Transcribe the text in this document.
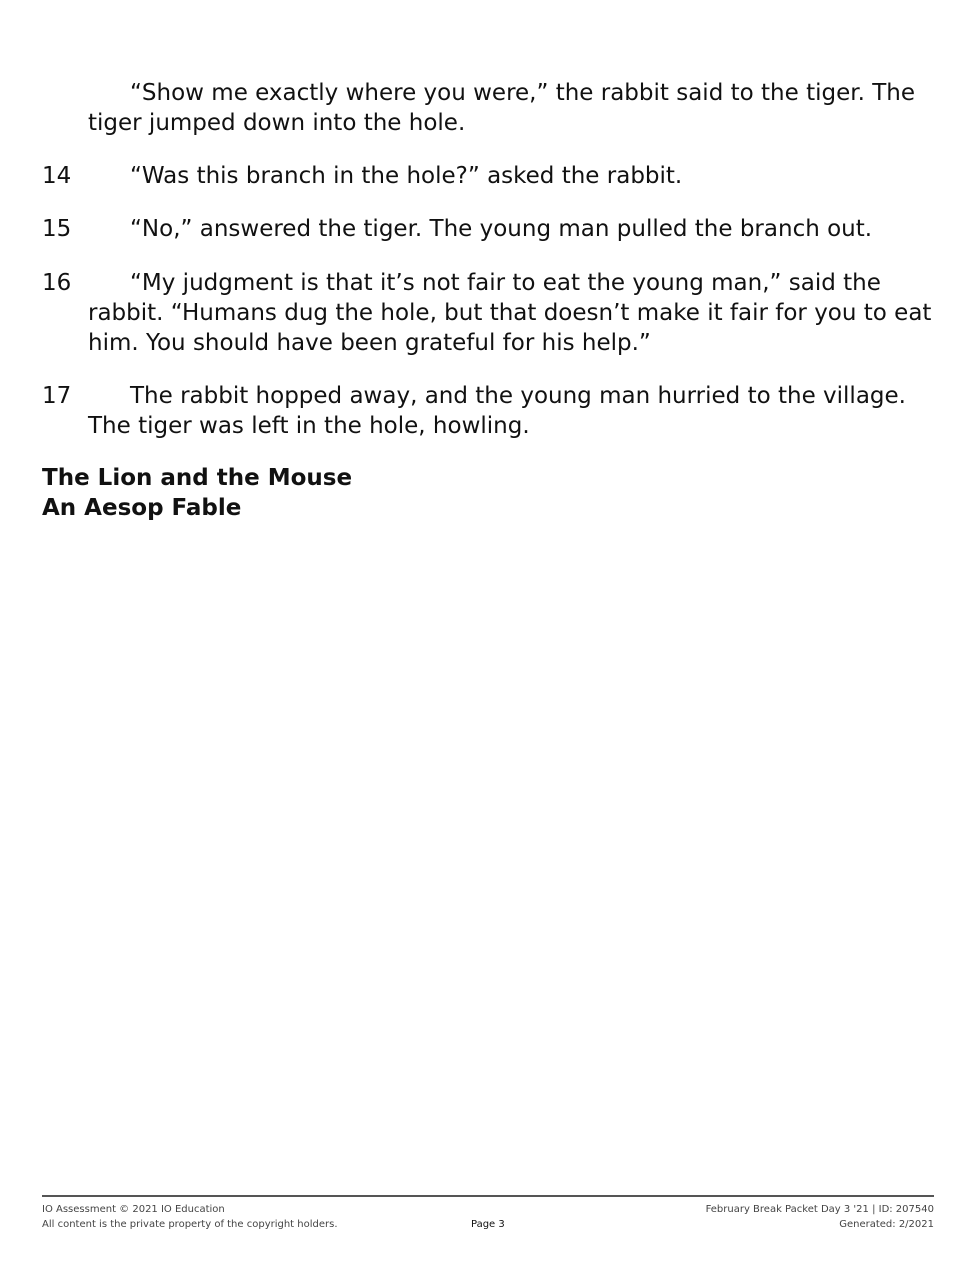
“Show me exactly where you were,” the rabbit said to the tiger. The tiger jumped down into the hole.
14	“Was this branch in the hole?” asked the rabbit.
15	“No,” answered the tiger. The young man pulled the branch out.
16	“My judgment is that it’s not fair to eat the young man,” said the rabbit. “Humans dug the hole, but that doesn’t make it fair for you to eat him. You should have been grateful for his help.”
17	The rabbit hopped away, and the young man hurried to the village. The tiger was left in the hole, howling.
The Lion and the Mouse
An Aesop Fable
IO Assessment © 2021 IO Education
All content is the private property of the copyright holders.	Page 3
February Break Packet Day 3 '21 | ID: 207540
Generated: 2/2021
